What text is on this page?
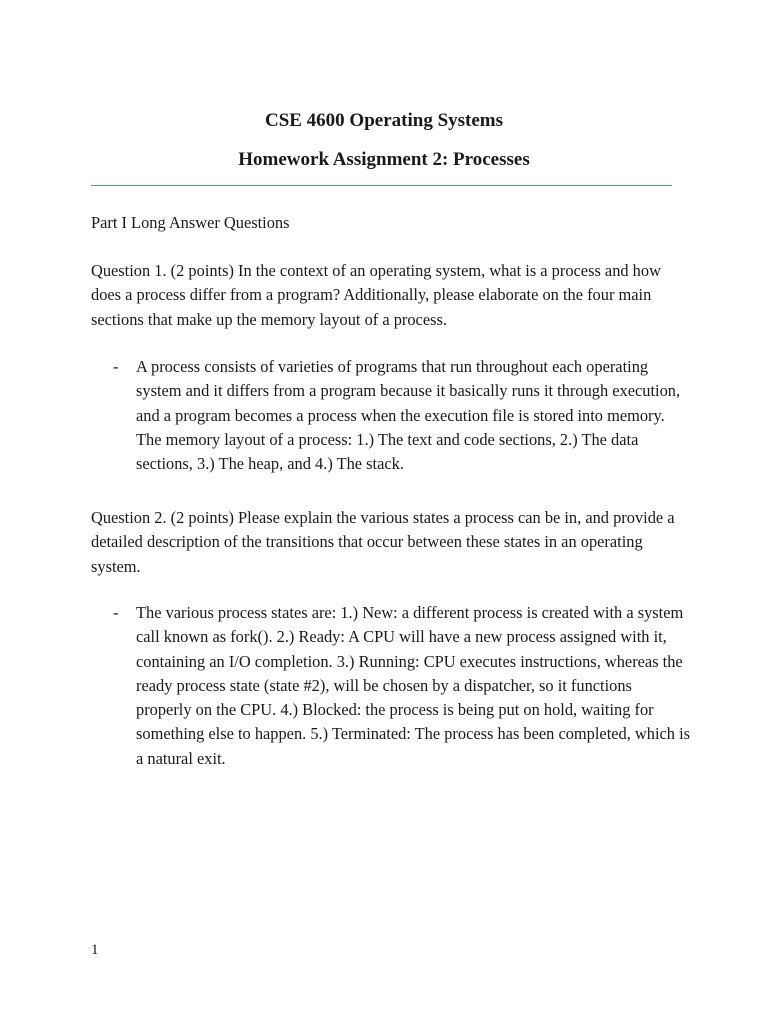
CSE 4600 Operating Systems
Homework Assignment 2: Processes

Part I Long Answer Questions

Question 1. (2 points) In the context of an operating system, what is a process and how does a process differ from a program? Additionally, please elaborate on the four main sections that make up the memory layout of a process.

- A process consists of varieties of programs that run throughout each operating system and it differs from a program because it basically runs it through execution, and a program becomes a process when the execution file is stored into memory. The memory layout of a process: 1.) The text and code sections, 2.) The data sections, 3.) The heap, and 4.) The stack.

Question 2. (2 points) Please explain the various states a process can be in, and provide a detailed description of the transitions that occur between these states in an operating system.

- The various process states are: 1.) New: a different process is created with a system call known as fork(). 2.) Ready: A CPU will have a new process assigned with it, containing an I/O completion. 3.) Running: CPU executes instructions, whereas the ready process state (state #2), will be chosen by a dispatcher, so it functions properly on the CPU. 4.) Blocked: the process is being put on hold, waiting for something else to happen. 5.) Terminated: The process has been completed, which is a natural exit.
1
